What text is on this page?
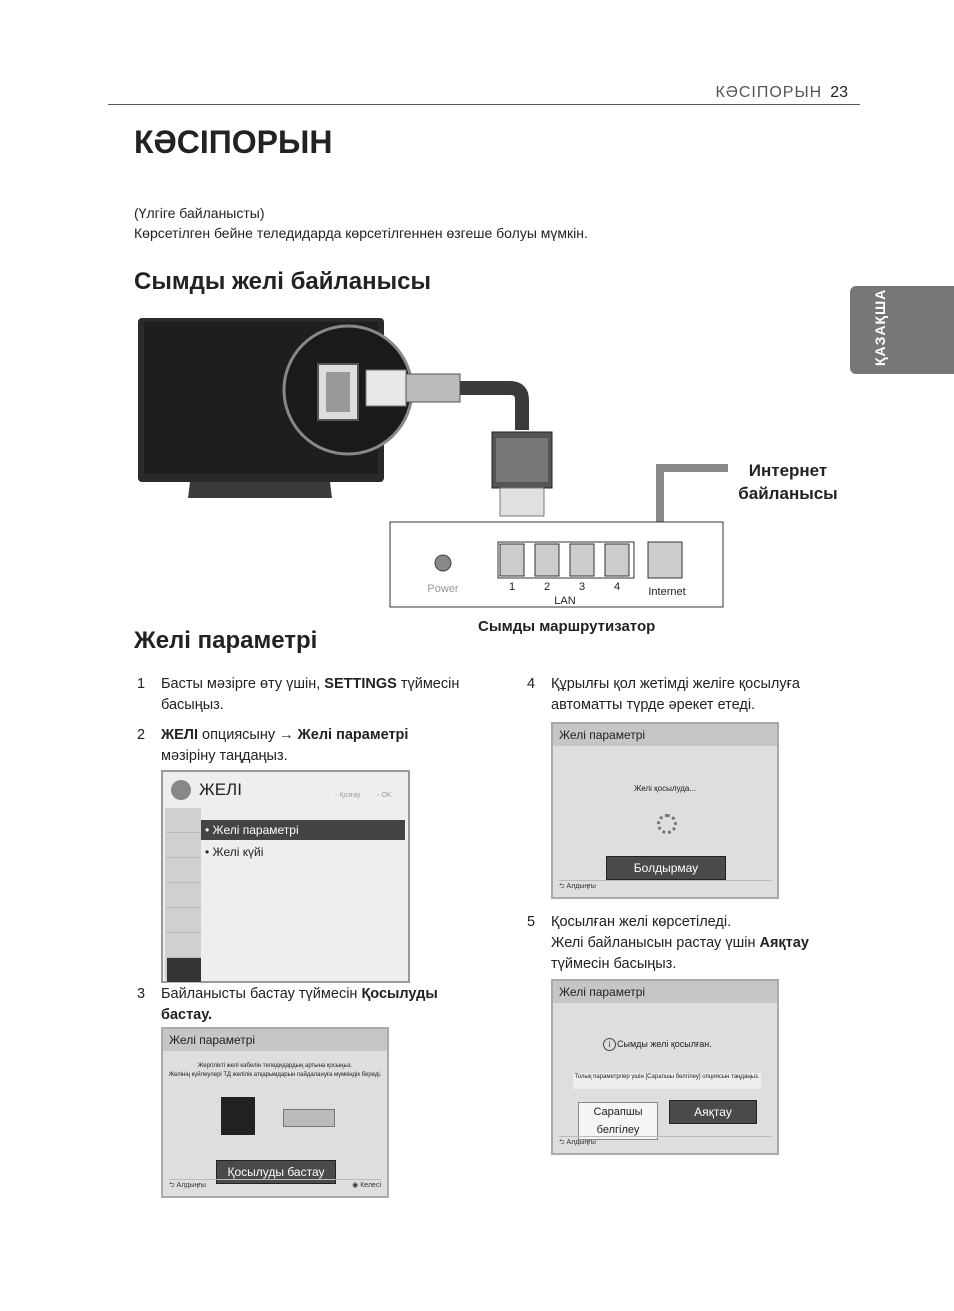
КӘСІПОРЫН 23
КӘСІПОРЫН
(Үлгіге байланысты)
Көрсетілген бейне теледидарда көрсетілгеннен өзгеше болуы мүмкін.
ҚАЗАҚША
Сымды желі байланысы
Интернет
байланысы
Power	1	2	3	4
LAN
Internet
Сымды маршрутизатор
Желі параметрі
1 Басты мәзірге өту үшін, SETTINGS түймесін
басыңыз.
2 ЖЕЛІ опциясыну → Желі параметрі
мәзіріну таңдаңыз.
ЖЕЛІ	◦ Қозғау ◦ OK
• Желі параметрі
• Желі күйі
3 Байланысты бастау түймесін Қосылуды
бастау.
Желі параметрі
Жергілікті желі кабелін теледидардың артына қосыңыз.
Желінің күйлеулері ТД желілік атқарымдарын пайдалануға мүмкіндік береді.
Қосылуды бастау
⮌ Алдыңғы	◉ Келесі
4 Құрылғы қол жетімді желіге қосылуға
автоматты түрде әрекет етеді.
Желі параметрі
Желі қосылуда...
Болдырмау
⮌ Алдыңғы
5 Қосылған желі көрсетіледі.
Желі байланысын растау үшін Аяқтау
түймесін басыңыз.
Желі параметрі
i Сымды желі қосылған.
Толық параметрлер үшін [Сарапшы белгілеу] опциясын таңдаңыз.
Сарапшы белгілеу
Аяқтау
⮌ Алдыңғы
